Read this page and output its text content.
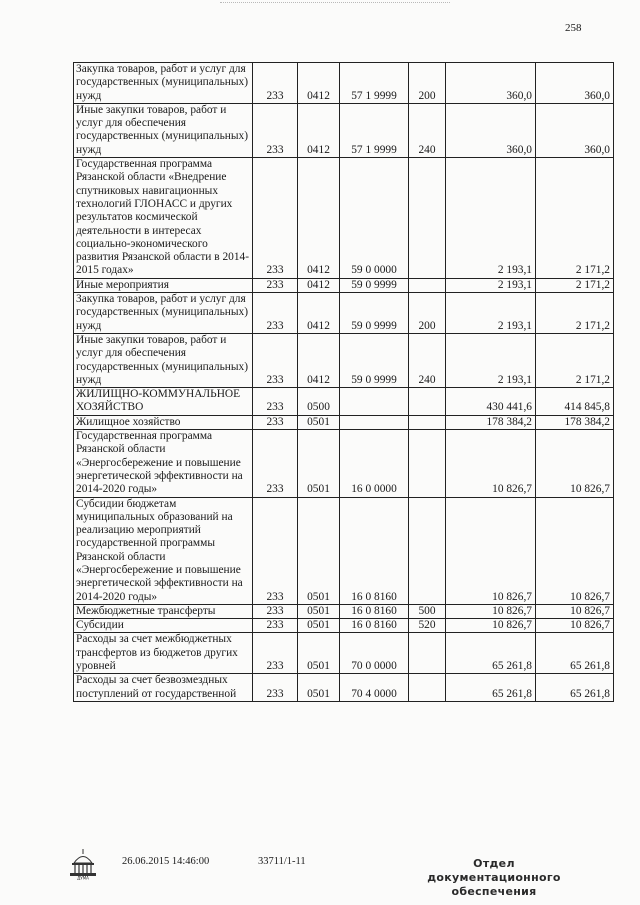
258
Закупка товаров, работ и услуг для государственных (муниципальных) нужд	233	0412	57 1 9999	200	360,0	360,0
Иные закупки товаров, работ и услуг для обеспечения государственных (муниципальных) нужд	233	0412	57 1 9999	240	360,0	360,0
Государственная программа Рязанской области «Внедрение спутниковых навигационных технологий ГЛОНАСС и других результатов космической деятельности в интересах социально-экономического развития Рязанской области в 2014-2015 годах»	233	0412	59 0 0000		2 193,1	2 171,2
Иные мероприятия	233	0412	59 0 9999		2 193,1	2 171,2
Закупка товаров, работ и услуг для государственных (муниципальных) нужд	233	0412	59 0 9999	200	2 193,1	2 171,2
Иные закупки товаров, работ и услуг для обеспечения государственных (муниципальных) нужд	233	0412	59 0 9999	240	2 193,1	2 171,2
ЖИЛИЩНО-КОММУНАЛЬНОЕ ХОЗЯЙСТВО	233	0500			430 441,6	414 845,8
Жилищное хозяйство	233	0501			178 384,2	178 384,2
Государственная программа Рязанской области «Энергосбережение и повышение энергетической эффективности на 2014-2020 годы»	233	0501	16 0 0000		10 826,7	10 826,7
Субсидии бюджетам муниципальных образований на реализацию мероприятий государственной программы Рязанской области «Энергосбережение и повышение энергетической эффективности на 2014-2020 годы»	233	0501	16 0 8160		10 826,7	10 826,7
Межбюджетные трансферты	233	0501	16 0 8160	500	10 826,7	10 826,7
Субсидии	233	0501	16 0 8160	520	10 826,7	10 826,7
Расходы за счет межбюджетных трансфертов из бюджетов других уровней	233	0501	70 0 0000		65 261,8	65 261,8
Расходы за счет безвозмездных поступлений от государственной	233	0501	70 4 0000		65 261,8	65 261,8
ДУМА
26.06.2015 14:46:00	33711/1-11	Отдел документационного
обеспечения
